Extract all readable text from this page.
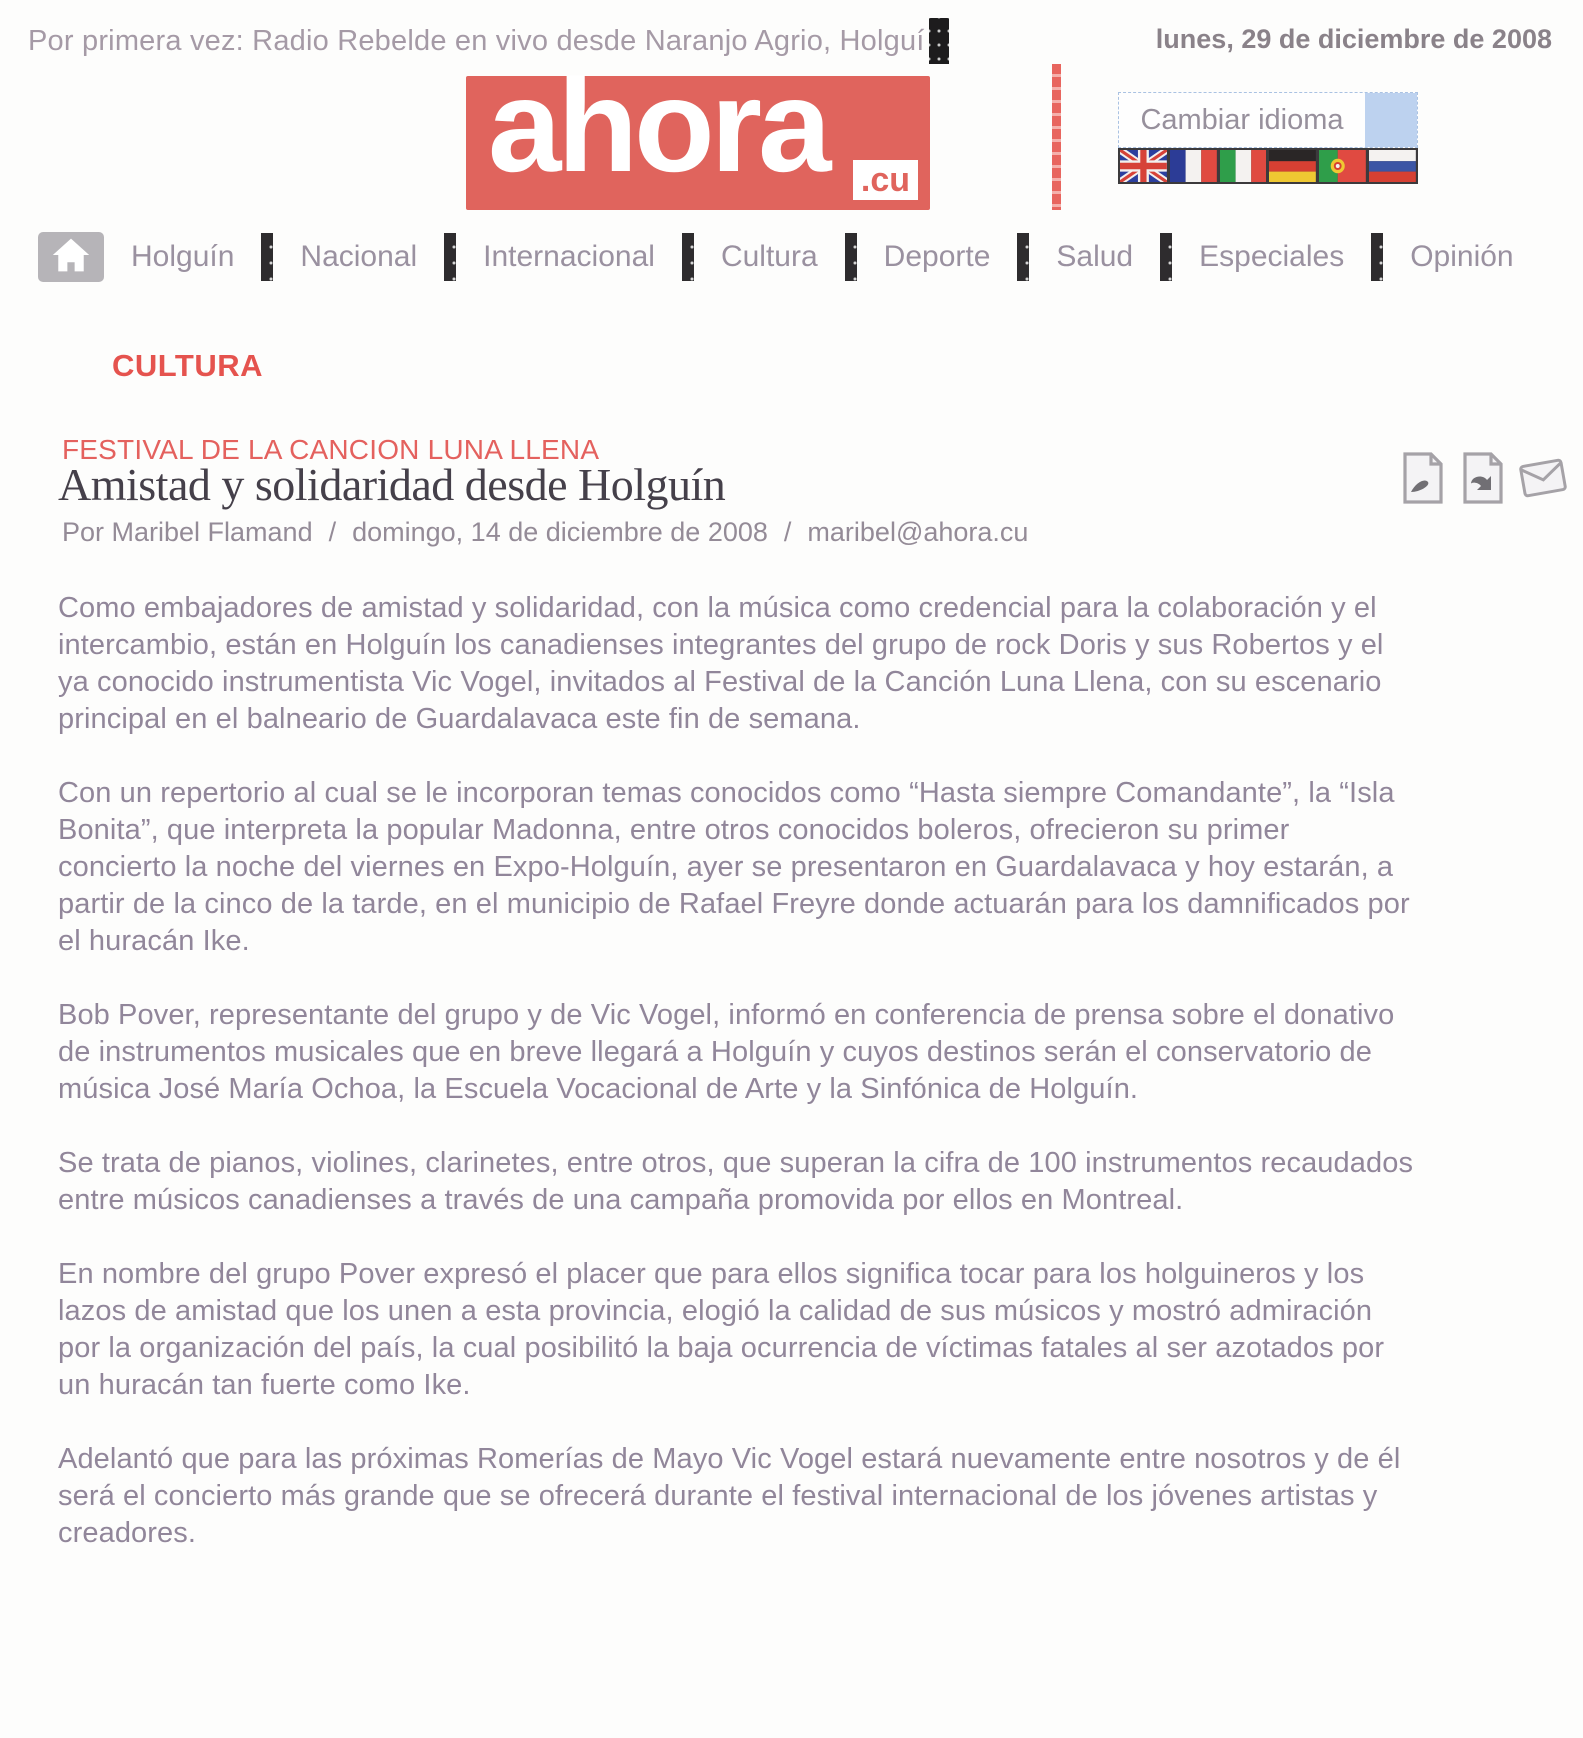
Por primera vez: Radio Rebelde en vivo desde Naranjo Agrio, Holguí	lunes, 29 de diciembre de 2008
ahora .cu
Cambiar idioma
Holguín Nacional Internacional Cultura Deporte Salud Especiales Opinión
CULTURA
FESTIVAL DE LA CANCION LUNA LLENA
Amistad y solidaridad desde Holguín
Por Maribel Flamand / domingo, 14 de diciembre de 2008 / maribel@ahora.cu

Como embajadores de amistad y solidaridad, con la música como credencial para la colaboración y el intercambio, están en Holguín los canadienses integrantes del grupo de rock Doris y sus Robertos y el ya conocido instrumentista Vic Vogel, invitados al Festival de la Canción Luna Llena, con su escenario principal en el balneario de Guardalavaca este fin de semana.

Con un repertorio al cual se le incorporan temas conocidos como “Hasta siempre Comandante”, la “Isla Bonita”, que interpreta la popular Madonna, entre otros conocidos boleros, ofrecieron su primer concierto la noche del viernes en Expo-Holguín, ayer se presentaron en Guardalavaca y hoy estarán, a partir de la cinco de la tarde, en el municipio de Rafael Freyre donde actuarán para los damnificados por el huracán Ike.

Bob Pover, representante del grupo y de Vic Vogel, informó en conferencia de prensa sobre el donativo de instrumentos musicales que en breve llegará a Holguín y cuyos destinos serán el conservatorio de música José María Ochoa, la Escuela Vocacional de Arte y la Sinfónica de Holguín.

Se trata de pianos, violines, clarinetes, entre otros, que superan la cifra de 100 instrumentos recaudados entre músicos canadienses a través de una campaña promovida por ellos en Montreal.

En nombre del grupo Pover expresó el placer que para ellos significa tocar para los holguineros y los lazos de amistad que los unen a esta provincia, elogió la calidad de sus músicos y mostró admiración por la organización del país, la cual posibilitó la baja ocurrencia de víctimas fatales al ser azotados por un huracán tan fuerte como Ike.

Adelantó que para las próximas Romerías de Mayo Vic Vogel estará nuevamente entre nosotros y de él será el concierto más grande que se ofrecerá durante el festival internacional de los jóvenes artistas y creadores.
